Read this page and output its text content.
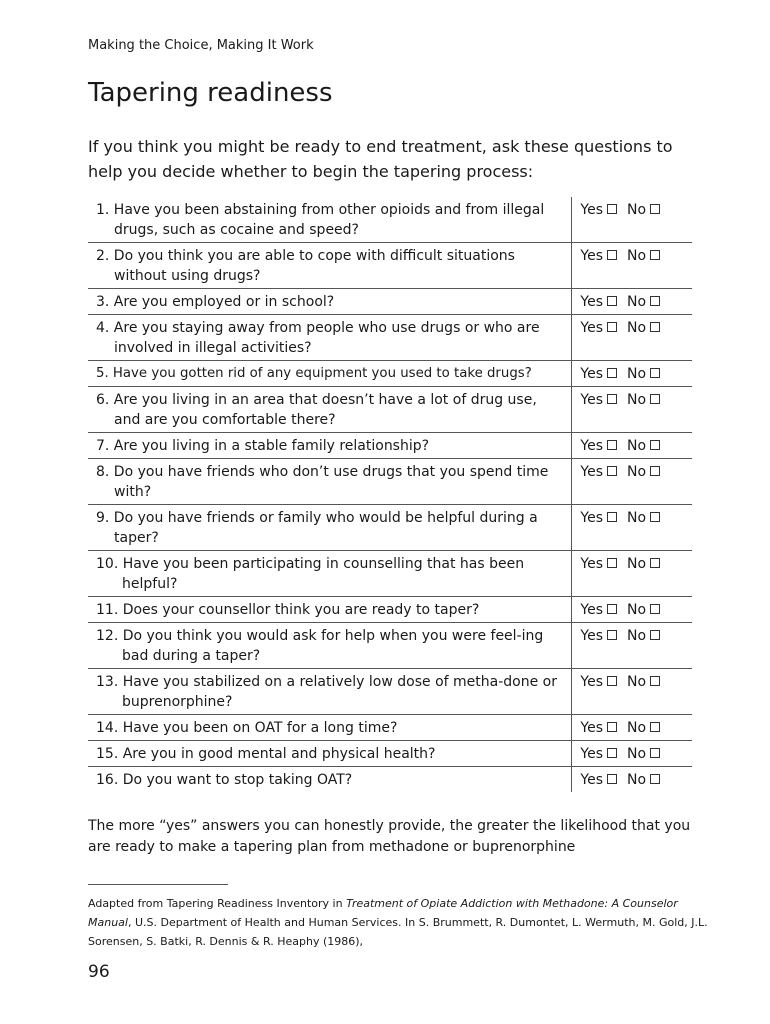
Making the Choice, Making It Work
Tapering readiness
If you think you might be ready to end treatment, ask these questions to help you decide whether to begin the tapering process:
1. Have you been abstaining from other opioids and from illegal drugs, such as cocaine and speed?	Yes No

2. Do you think you are able to cope with difficult situations without using drugs?	Yes No

3. Are you employed or in school?	Yes No

4. Are you staying away from people who use drugs or who are involved in illegal activities?	Yes No

5. Have you gotten rid of any equipment you used to take drugs?	Yes No

6. Are you living in an area that doesn’t have a lot of drug use, and are you comfortable there?	Yes No

7. Are you living in a stable family relationship?	Yes No

8. Do you have friends who don’t use drugs that you spend time with?	Yes No

9. Do you have friends or family who would be helpful during a taper?	Yes No

10. Have you been participating in counselling that has been helpful?	Yes No

11. Does your counsellor think you are ready to taper?	Yes No

12. Do you think you would ask for help when you were feel-ing bad during a taper?	Yes No

13. Have you stabilized on a relatively low dose of metha-done or buprenorphine?	Yes No

14. Have you been on OAT for a long time?	Yes No

15. Are you in good mental and physical health?	Yes No

16. Do you want to stop taking OAT?	Yes No
The more “yes” answers you can honestly provide, the greater the likelihood that you are ready to make a tapering plan from methadone or buprenorphine
Adapted from Tapering Readiness Inventory in Treatment of Opiate Addiction with Methadone: A Counselor Manual, U.S. Department of Health and Human Services. In S. Brummett, R. Dumontet, L. Wermuth, M. Gold, J.L. Sorensen, S. Batki, R. Dennis & R. Heaphy (1986),
96
